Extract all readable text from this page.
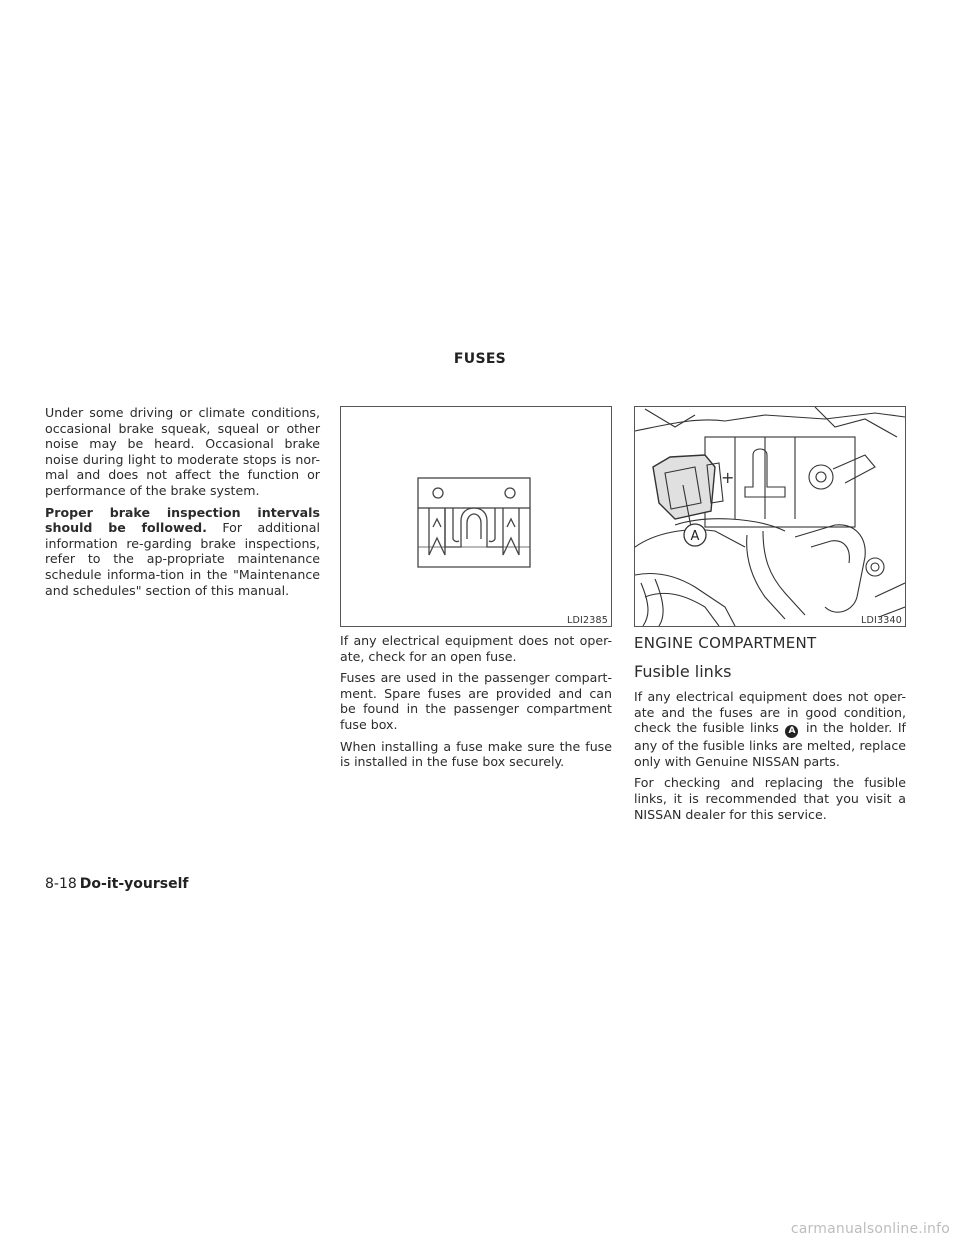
FUSES

Under some driving or climate conditions, occasional brake squeak, squeal or other noise may be heard. Occasional brake noise during light to moderate stops is nor-mal and does not affect the function or performance of the brake system.

Proper brake inspection intervals should be followed. For additional information re-garding brake inspections, refer to the ap-propriate maintenance schedule informa-tion in the "Maintenance and schedules" section of this manual.

LDI2385

If any electrical equipment does not oper-ate, check for an open fuse.

Fuses are used in the passenger compart-ment. Spare fuses are provided and can be found in the passenger compartment fuse box.

When installing a fuse make sure the fuse is installed in the fuse box securely.

+
A
LDI3340
ENGINE COMPARTMENT
Fusible links

If any electrical equipment does not oper-ate and the fuses are in good condition, check the fusible links A in the holder. If any of the fusible links are melted, replace only with Genuine NISSAN parts.

For checking and replacing the fusible links, it is recommended that you visit a NISSAN dealer for this service.

8-18 Do-it-yourself
carmanualsonline.info
